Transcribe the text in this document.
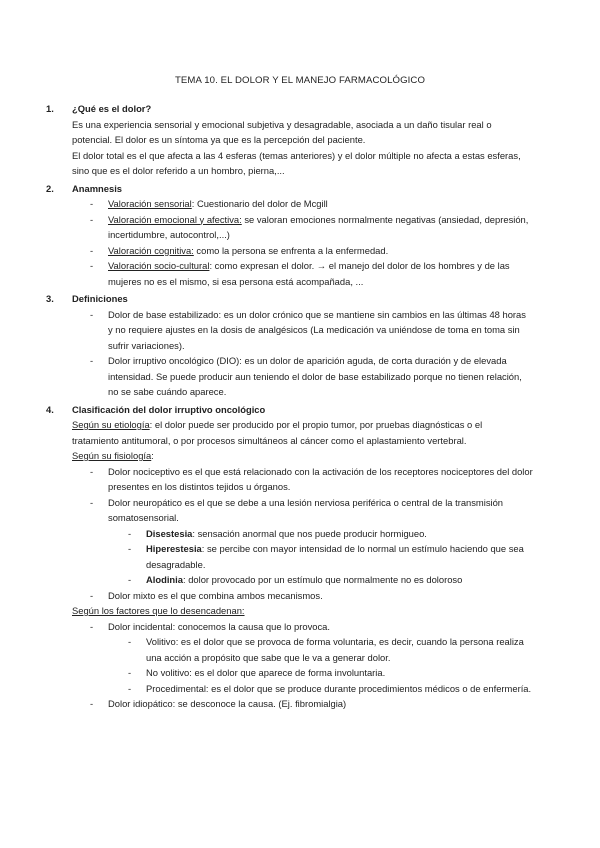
TEMA 10. EL DOLOR Y EL MANEJO FARMACOLÓGICO
1. ¿Qué es el dolor?

Es una experiencia sensorial y emocional subjetiva y desagradable, asociada a un daño tisular real o

potencial. El dolor es un síntoma ya que es la percepción del paciente.

El dolor total es el que afecta a las 4 esferas (temas anteriores) y el dolor múltiple no afecta a estas esferas,

sino que es el dolor referido a un hombro, pierna,...

2. Anamnesis
- Valoración sensorial: Cuestionario del dolor de Mcgill

- Valoración emocional y afectiva: se valoran emociones normalmente negativas (ansiedad, depresión,

incertidumbre, autocontrol,...)

- Valoración cognitiva: como la persona se enfrenta a la enfermedad.

- Valoración socio-cultural: como expresan el dolor. → el manejo del dolor de los hombres y de las

mujeres no es el mismo, si esa persona está acompañada, ...

3. Definiciones
- Dolor de base estabilizado: es un dolor crónico que se mantiene sin cambios en las últimas 48 horas

y no requiere ajustes en la dosis de analgésicos (La medicación va uniéndose de toma en toma sin

sufrir variaciones).

- Dolor irruptivo oncológico (DIO): es un dolor de aparición aguda, de corta duración y de elevada

intensidad. Se puede producir aun teniendo el dolor de base estabilizado porque no tienen relación,

no se sabe cuándo aparece.

4. Clasificación del dolor irruptivo oncológico

Según su etiología: el dolor puede ser producido por el propio tumor, por pruebas diagnósticas o el

tratamiento antitumoral, o por procesos simultáneos al cáncer como el aplastamiento vertebral.

Según su fisiología:

- Dolor nociceptivo es el que está relacionado con la activación de los receptores nociceptores del dolor

presentes en los distintos tejidos u órganos.

- Dolor neuropático es el que se debe a una lesión nerviosa periférica o central de la transmisión

somatosensorial.

- Disestesia: sensación anormal que nos puede producir hormigueo.

- Hiperestesia: se percibe con mayor intensidad de lo normal un estímulo haciendo que sea

desagradable.

- Alodinia: dolor provocado por un estímulo que normalmente no es doloroso

- Dolor mixto es el que combina ambos mecanismos.

Según los factores que lo desencadenan:

- Dolor incidental: conocemos la causa que lo provoca.

- Volitivo: es el dolor que se provoca de forma voluntaria, es decir, cuando la persona realiza

una acción a propósito que sabe que le va a generar dolor.

- No volitivo: es el dolor que aparece de forma involuntaria.

- Procedimental: es el dolor que se produce durante procedimientos médicos o de enfermería.

- Dolor idiopático: se desconoce la causa. (Ej. fibromialgia)
